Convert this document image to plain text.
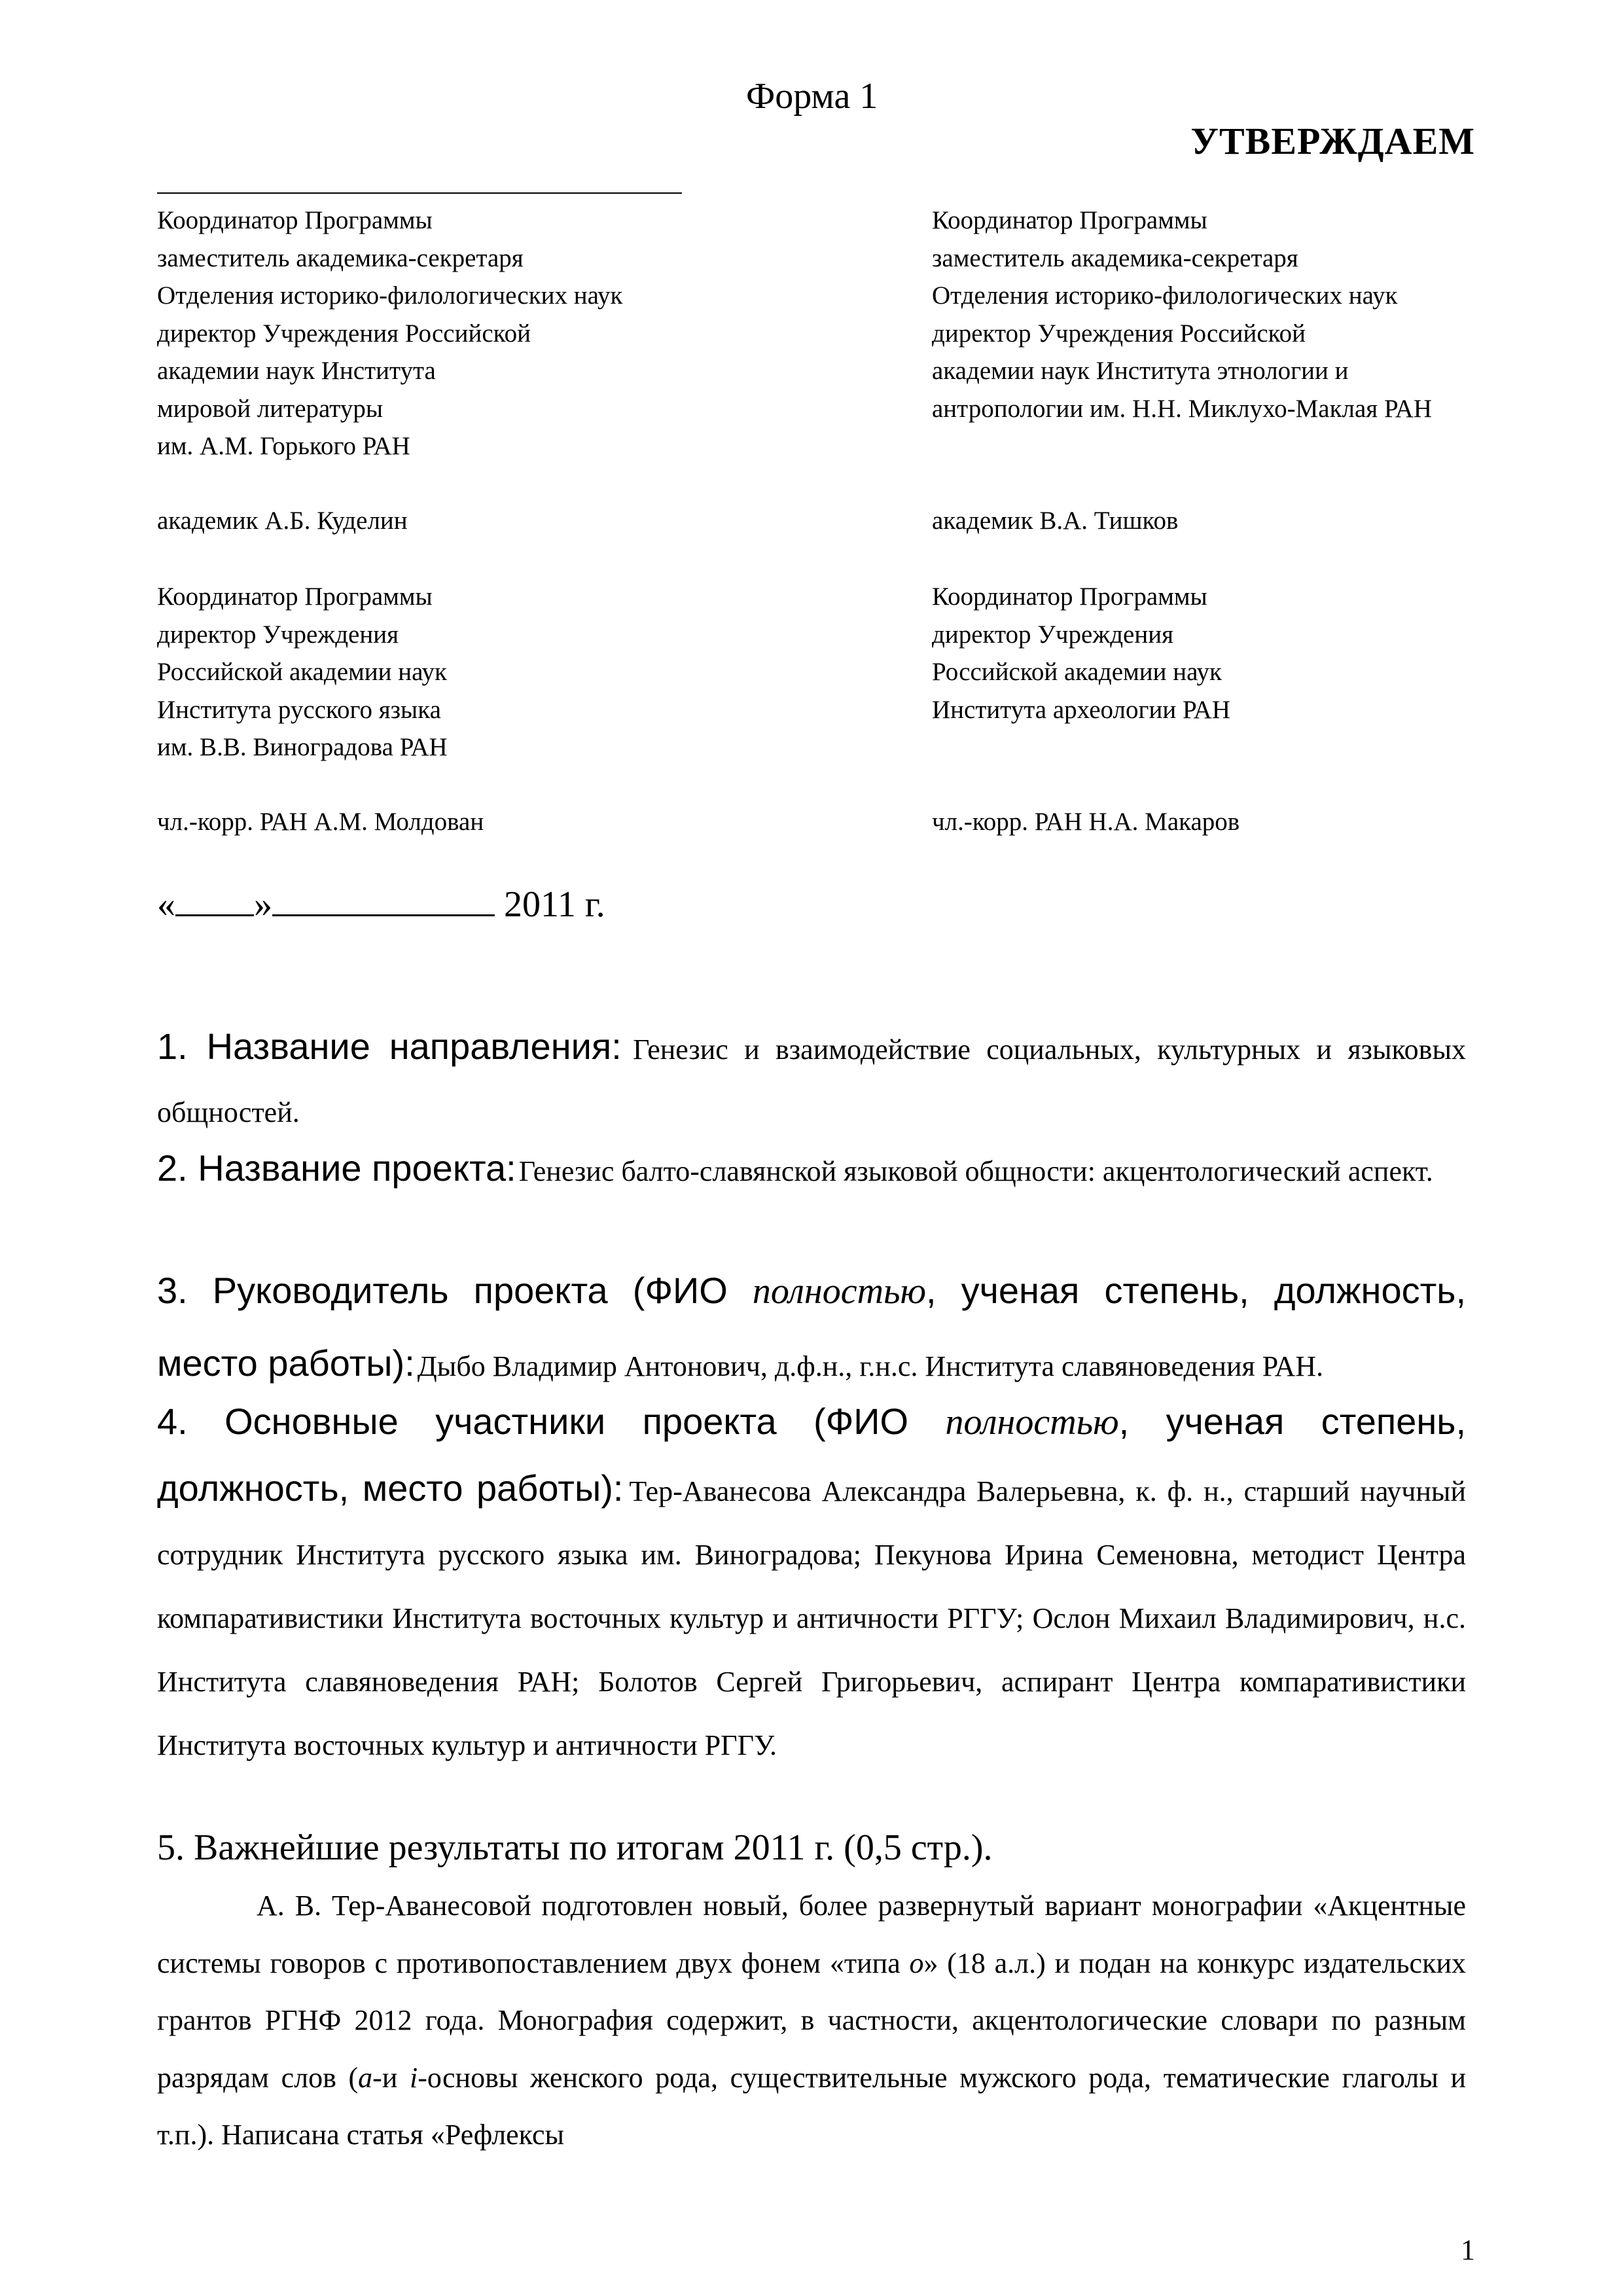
Форма 1
УТВЕРЖДАЕМ

Координатор Программы

заместитель академика-секретаря

Отделения историко-филологических наук

директор Учреждения Российской

академии наук Института

мировой литературы

им. А.М. Горького РАН

академик А.Б. Куделин

Координатор Программы

заместитель академика-секретаря

Отделения историко-филологических наук

директор Учреждения Российской

академии наук Института этнологии и

антропологии им. Н.Н. Миклухо-Маклая РАН

академик В.А. Тишков

Координатор Программы

директор Учреждения

Российской академии наук

Института русского языка

им. В.В. Виноградова РАН

чл.-корр. РАН А.М. Молдован

Координатор Программы

директор Учреждения

Российской академии наук

Института археологии РАН

чл.-корр. РАН Н.А. Макаров
« »	2011 г.

1. Название направления: Генезис и взаимодействие социальных, культурных и языковых общностей.

2. Название проекта: Генезис балто-славянской языковой общности: акцентологический аспект.

3. Руководитель проекта (ФИО полностью, ученая степень, должность, место работы): Дыбо Владимир Антонович, д.ф.н., г.н.с. Института славяноведения РАН.

4. Основные участники проекта (ФИО полностью, ученая степень, должность, место работы): Тер-Аванесова Александра Валерьевна, к. ф. н., старший научный сотрудник Института русского языка им. Виноградова; Пекунова Ирина Семеновна, методист Центра компаративистики Института восточных культур и античности РГГУ; Ослон Михаил Владимирович, н.с. Института славяноведения РАН; Болотов Сергей Григорьевич, аспирант Центра компаративистики Института восточных культур и античности РГГУ.

5. Важнейшие результаты по итогам 2011 г. (0,5 стр.).

А. В. Тер-Аванесовой подготовлен новый, более развернутый вариант монографии «Акцентные системы говоров с противопоставлением двух фонем «типа о» (18 а.л.) и подан на конкурс издательских грантов РГНФ 2012 года. Монография содержит, в частности, акцентологические словари по разным разрядам слов (a-и i-основы женского рода, существительные мужского рода, тематические глаголы и т.п.). Написана статья «Рефлексы

1
